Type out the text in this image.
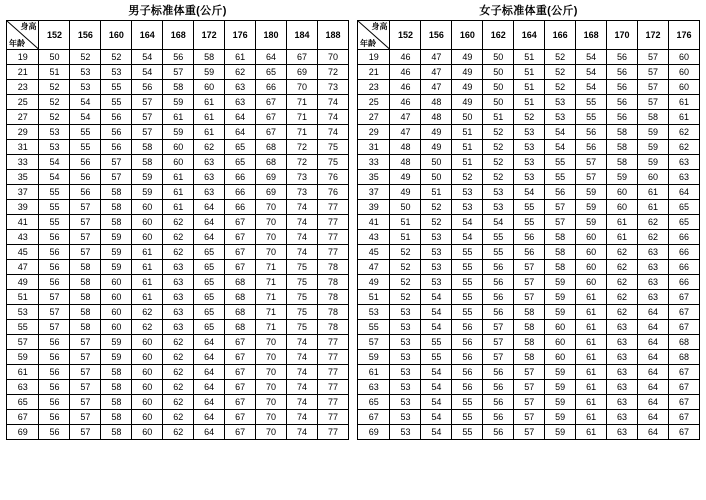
男子标准体重(公斤)
身高
年龄	152	156	160	164	168	172	176	180	184	188
19	50	52	52	54	56	58	61	64	67	70
21	51	53	53	54	57	59	62	65	69	72
23	52	53	55	56	58	60	63	66	70	73
25	52	54	55	57	59	61	63	67	71	74
27	52	54	56	57	61	61	64	67	71	74
29	53	55	56	57	59	61	64	67	71	74
31	53	55	56	58	60	62	65	68	72	75
33	54	56	57	58	60	63	65	68	72	75
35	54	56	57	59	61	63	66	69	73	76
37	55	56	58	59	61	63	66	69	73	76
39	55	57	58	60	61	64	66	70	74	77
41	55	57	58	60	62	64	67	70	74	77
43	56	57	59	60	62	64	67	70	74	77
45	56	57	59	61	62	65	67	70	74	77
47	56	58	59	61	63	65	67	71	75	78
49	56	58	60	61	63	65	68	71	75	78
51	57	58	60	61	63	65	68	71	75	78
53	57	58	60	62	63	65	68	71	75	78
55	57	58	60	62	63	65	68	71	75	78
57	56	57	59	60	62	64	67	70	74	77
59	56	57	59	60	62	64	67	70	74	77
61	56	57	58	60	62	64	67	70	74	77
63	56	57	58	60	62	64	67	70	74	77
65	56	57	58	60	62	64	67	70	74	77
67	56	57	58	60	62	64	67	70	74	77
69	56	57	58	60	62	64	67	70	74	77
女子标准体重(公斤)
身高
年龄	152	156	160	162	164	166	168	170	172	176
19	46	47	49	50	51	52	54	56	57	60
21	46	47	49	50	51	52	54	56	57	60
23	46	47	49	50	51	52	54	56	57	60
25	46	48	49	50	51	53	55	56	57	61
27	47	48	50	51	52	53	55	56	58	61
29	47	49	51	52	53	54	56	58	59	62
31	48	49	51	52	53	54	56	58	59	62
33	48	50	51	52	53	55	57	58	59	63
35	49	50	52	52	53	55	57	59	60	63
37	49	51	53	53	54	56	59	60	61	64
39	50	52	53	53	55	57	59	60	61	65
41	51	52	54	54	55	57	59	61	62	65
43	51	53	54	55	56	58	60	61	62	66
45	52	53	55	55	56	58	60	62	63	66
47	52	53	55	56	57	58	60	62	63	66
49	52	53	55	56	57	59	60	62	63	66
51	52	54	55	56	57	59	61	62	63	67
53	53	54	55	56	58	59	61	62	64	67
55	53	54	56	57	58	60	61	63	64	67
57	53	55	56	57	58	60	61	63	64	68
59	53	55	56	57	58	60	61	63	64	68
61	53	54	56	56	57	59	61	63	64	67
63	53	54	56	56	57	59	61	63	64	67
65	53	54	55	56	57	59	61	63	64	67
67	53	54	55	56	57	59	61	63	64	67
69	53	54	55	56	57	59	61	63	64	67
